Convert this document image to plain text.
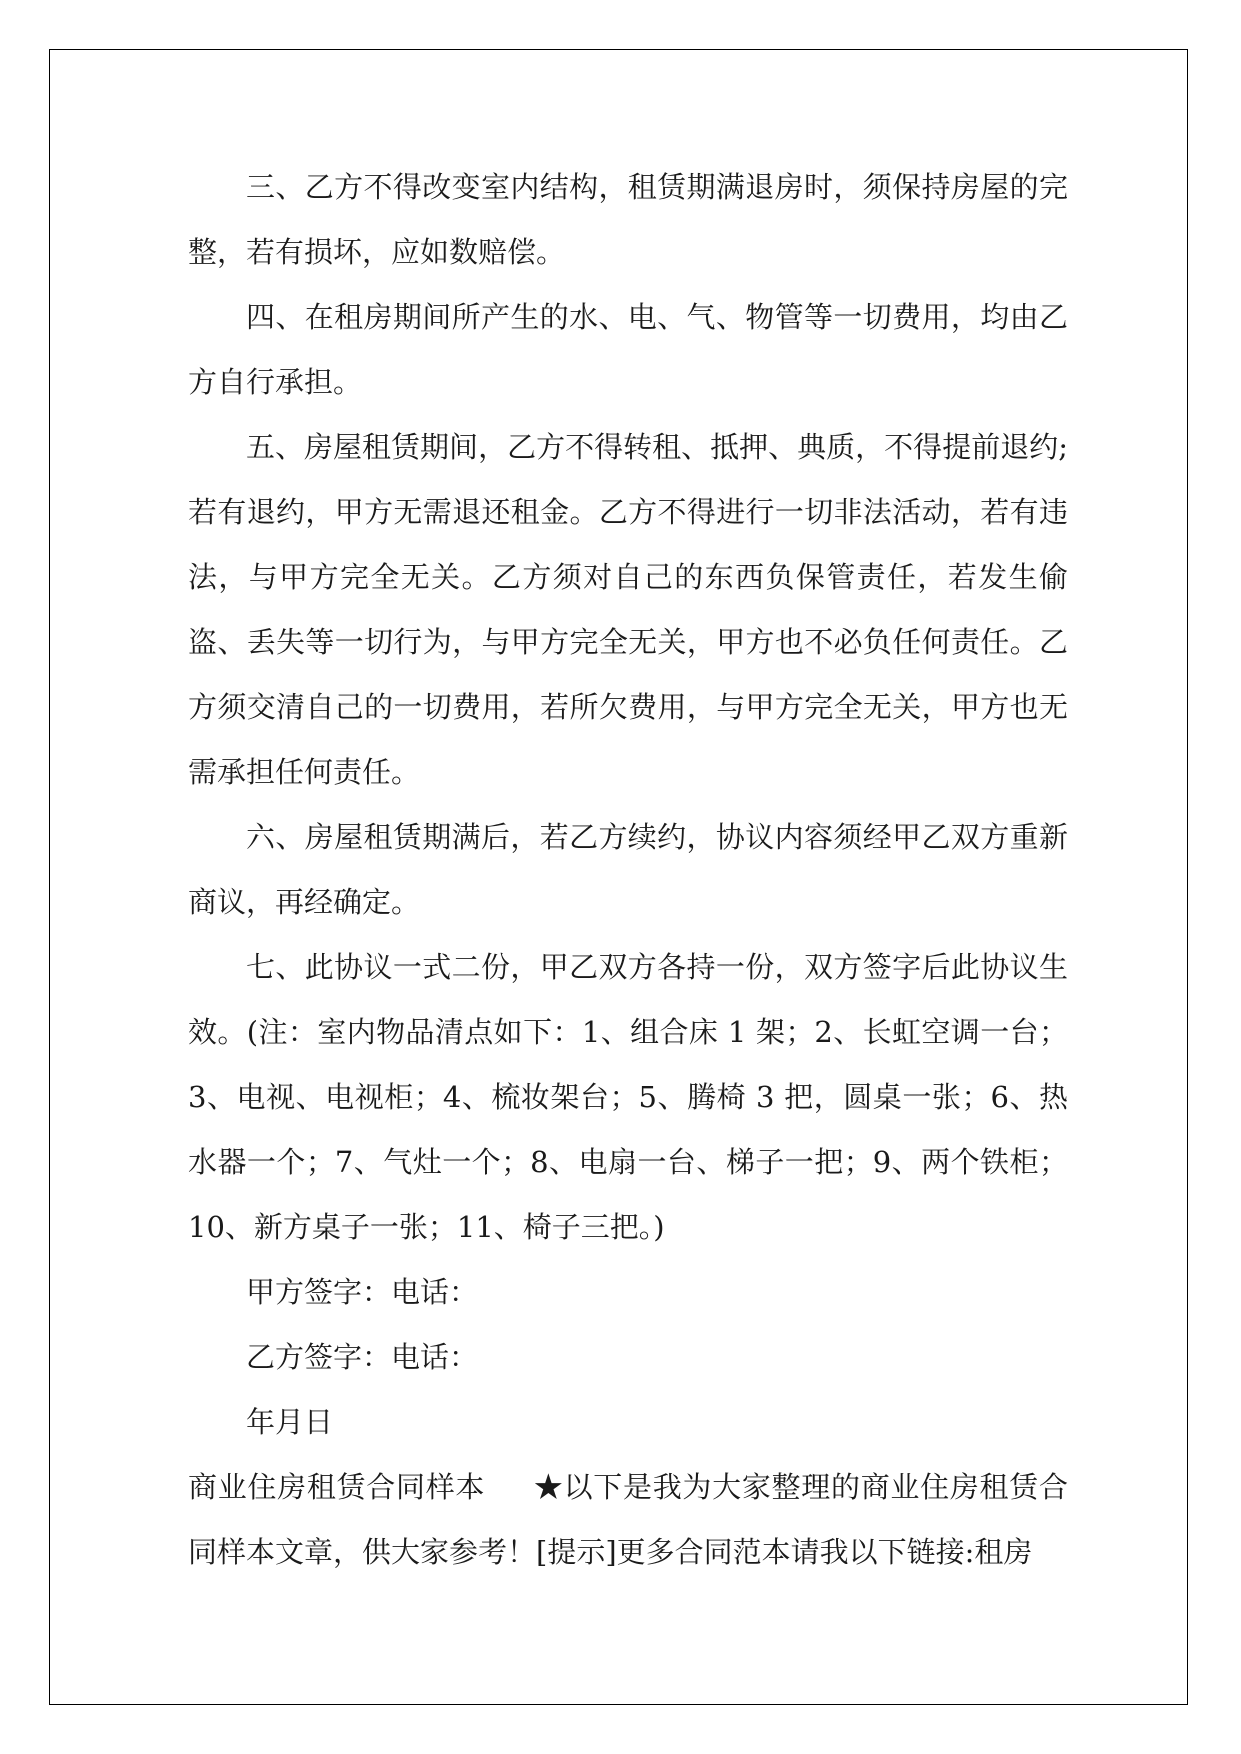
三、乙方不得改变室内结构，租赁期满退房时，须保持房屋的完整，若有损坏，应如数赔偿。

四、在租房期间所产生的水、电、气、物管等一切费用，均由乙方自行承担。

五、房屋租赁期间，乙方不得转租、抵押、典质，不得提前退约;若有退约，甲方无需退还租金。乙方不得进行一切非法活动，若有违法，与甲方完全无关。乙方须对自己的东西负保管责任，若发生偷盗、丢失等一切行为，与甲方完全无关，甲方也不必负任何责任。乙方须交清自己的一切费用，若所欠费用，与甲方完全无关，甲方也无需承担任何责任。

六、房屋租赁期满后，若乙方续约，协议内容须经甲乙双方重新商议，再经确定。

七、此协议一式二份，甲乙双方各持一份，双方签字后此协议生效。(注：室内物品清点如下：1、组合床 1 架；2、长虹空调一台；3、电视、电视柜；4、梳妆架台；5、腾椅 3 把，圆桌一张；6、热水器一个；7、气灶一个；8、电扇一台、梯子一把；9、两个铁柜；10、新方桌子一张；11、椅子三把。)

甲方签字：电话：

乙方签字：电话：

年月日

商业住房租赁合同样本 ★以下是我为大家整理的商业住房租赁合同样本文章，供大家参考！[提示]更多合同范本请我以下链接:租房
